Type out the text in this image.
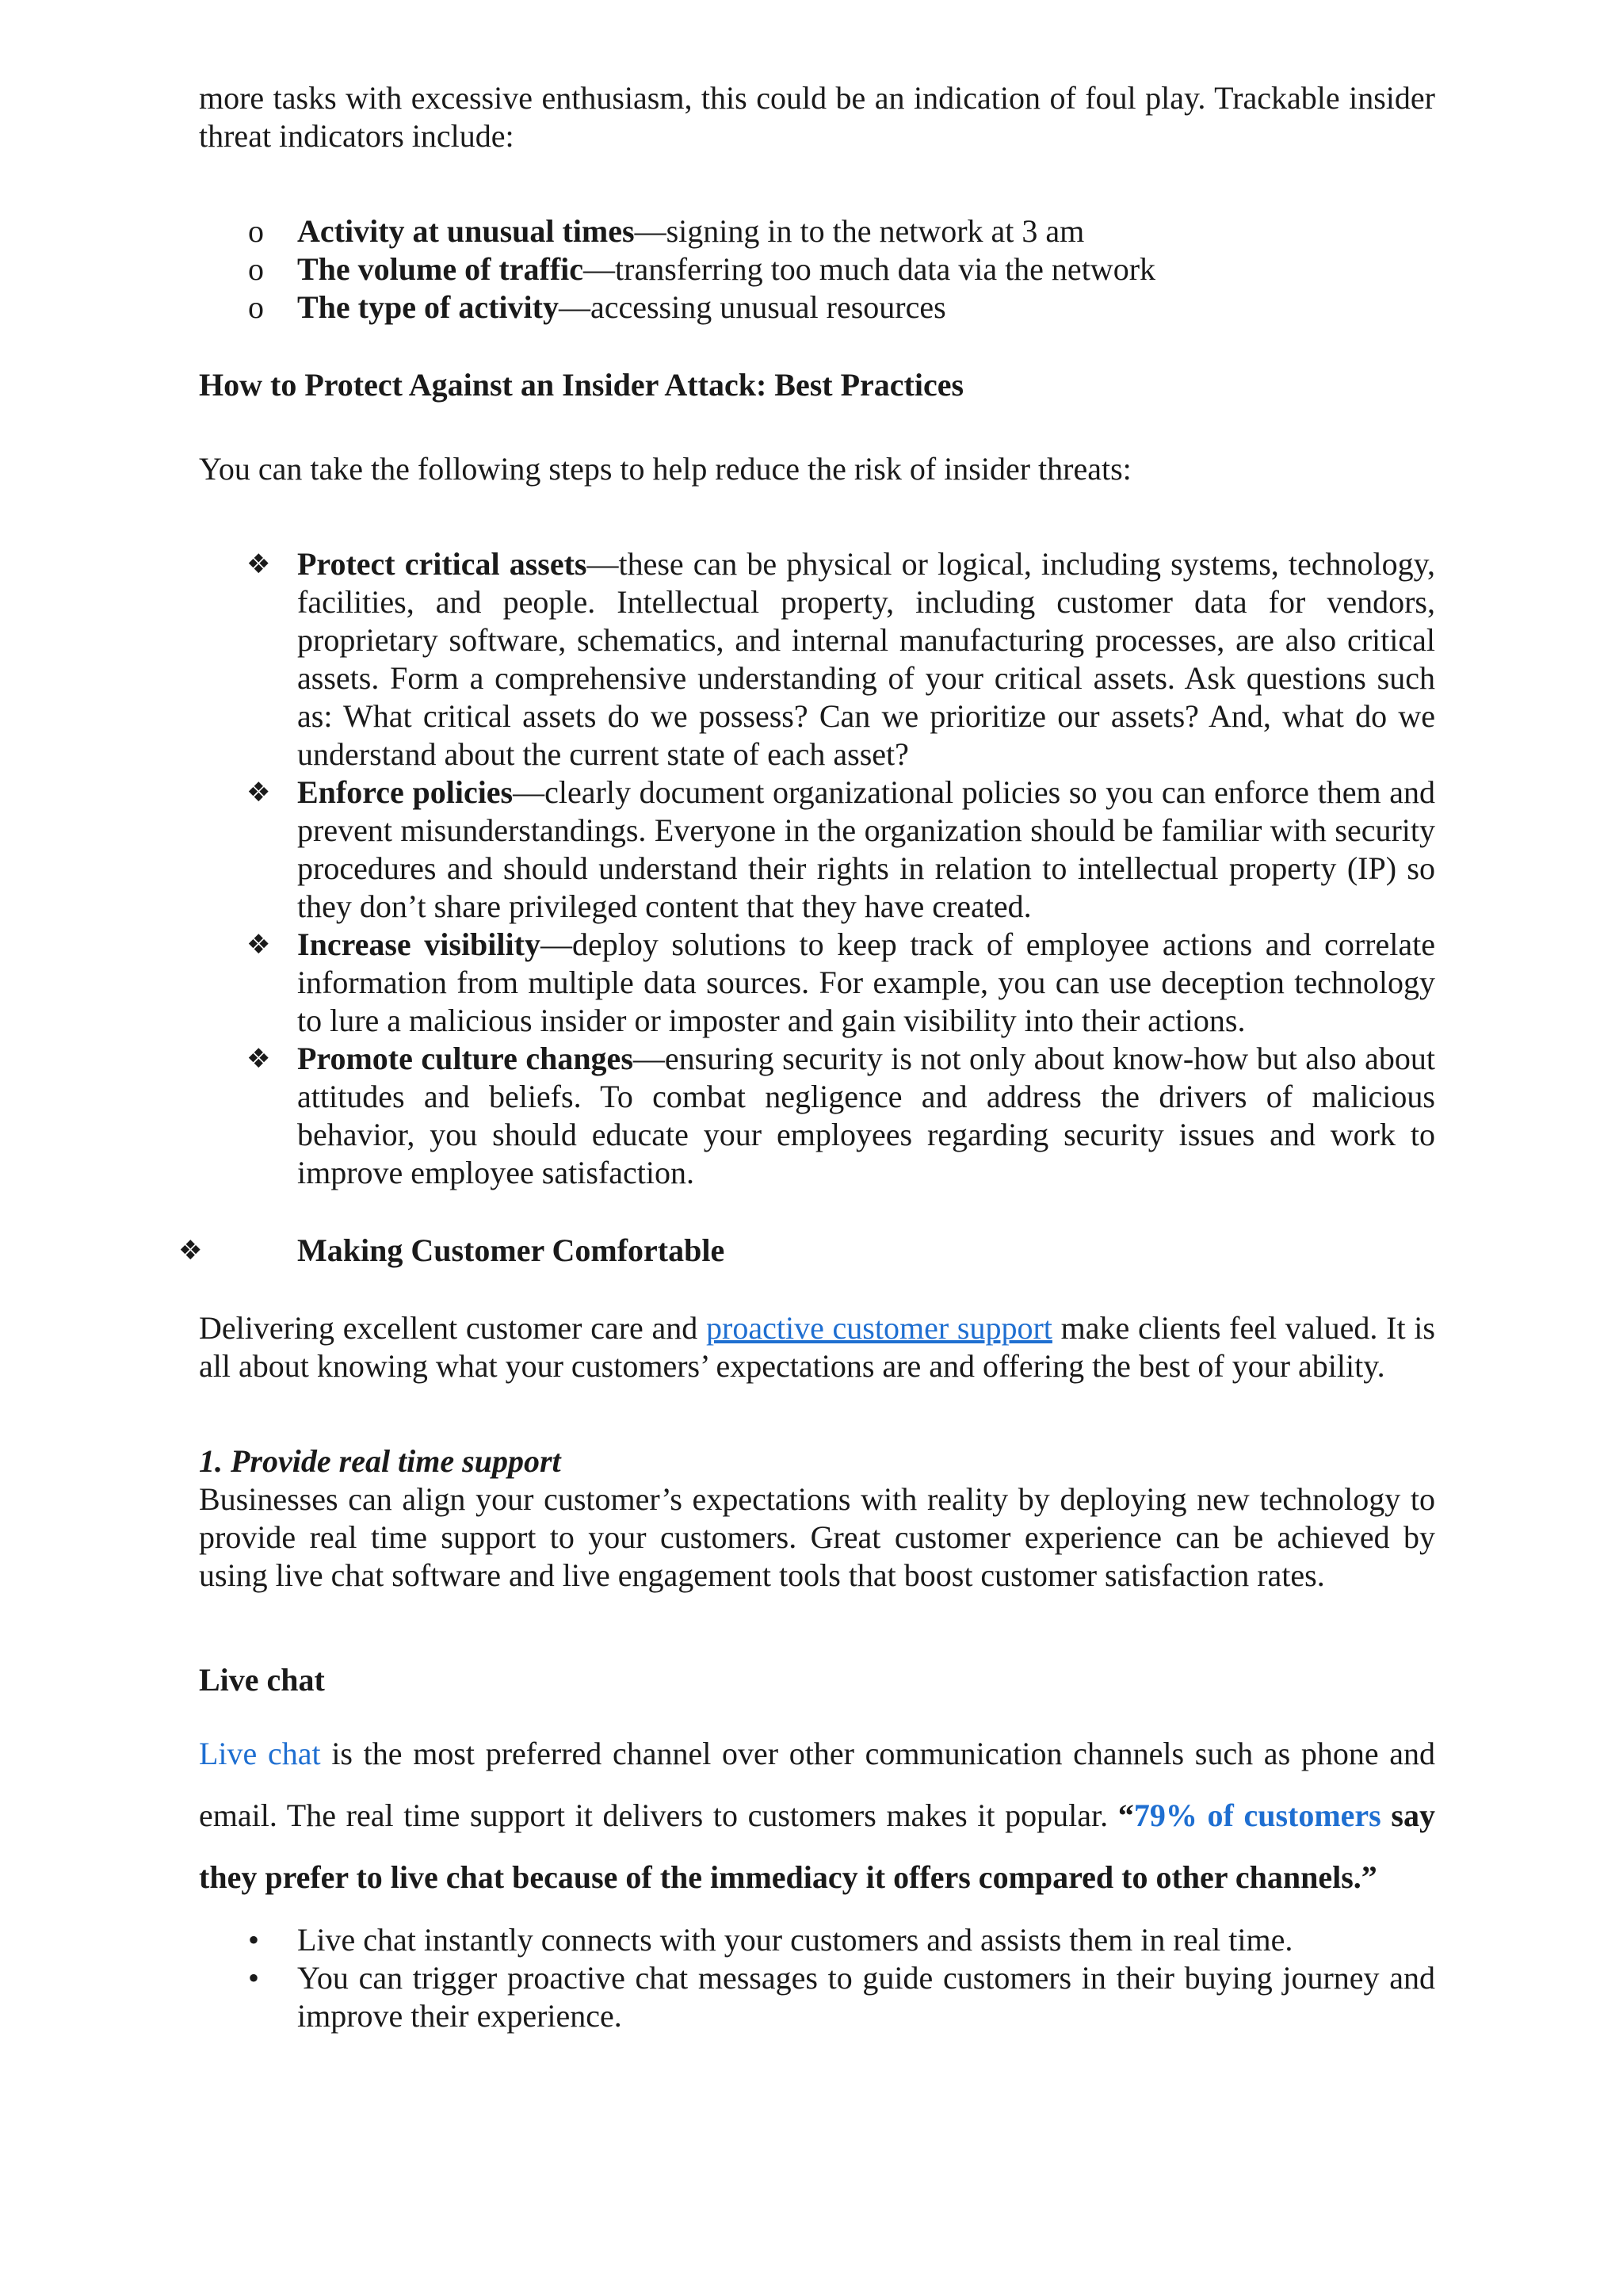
more tasks with excessive enthusiasm, this could be an indication of foul play. Trackable insider threat indicators include:

o Activity at unusual times—signing in to the network at 3 am
o The volume of traffic—transferring too much data via the network
o The type of activity—accessing unusual resources

How to Protect Against an Insider Attack: Best Practices

You can take the following steps to help reduce the risk of insider threats:

❖ Protect critical assets—these can be physical or logical, including systems, technology, facilities, and people. Intellectual property, including customer data for vendors, proprietary software, schematics, and internal manufacturing processes, are also critical assets. Form a comprehensive understanding of your critical assets. Ask questions such as: What critical assets do we possess? Can we prioritize our assets? And, what do we understand about the current state of each asset?
❖ Enforce policies—clearly document organizational policies so you can enforce them and prevent misunderstandings. Everyone in the organization should be familiar with security procedures and should understand their rights in relation to intellectual property (IP) so they don’t share privileged content that they have created.
❖ Increase visibility—deploy solutions to keep track of employee actions and correlate information from multiple data sources. For example, you can use deception technology to lure a malicious insider or imposter and gain visibility into their actions.
❖ Promote culture changes—ensuring security is not only about know-how but also about attitudes and beliefs. To combat negligence and address the drivers of malicious behavior, you should educate your employees regarding security issues and work to improve employee satisfaction.

❖	Making Customer Comfortable

Delivering excellent customer care and proactive customer support make clients feel valued. It is all about knowing what your customers’ expectations are and offering the best of your ability.

1. Provide real time support

Businesses can align your customer’s expectations with reality by deploying new technology to provide real time support to your customers. Great customer experience can be achieved by using live chat software and live engagement tools that boost customer satisfaction rates.

Live chat

Live chat is the most preferred channel over other communication channels such as phone and email. The real time support it delivers to customers makes it popular. “79% of customers say they prefer to live chat because of the immediacy it offers compared to other channels.”

• Live chat instantly connects with your customers and assists them in real time.
• You can trigger proactive chat messages to guide customers in their buying journey and improve their experience.
